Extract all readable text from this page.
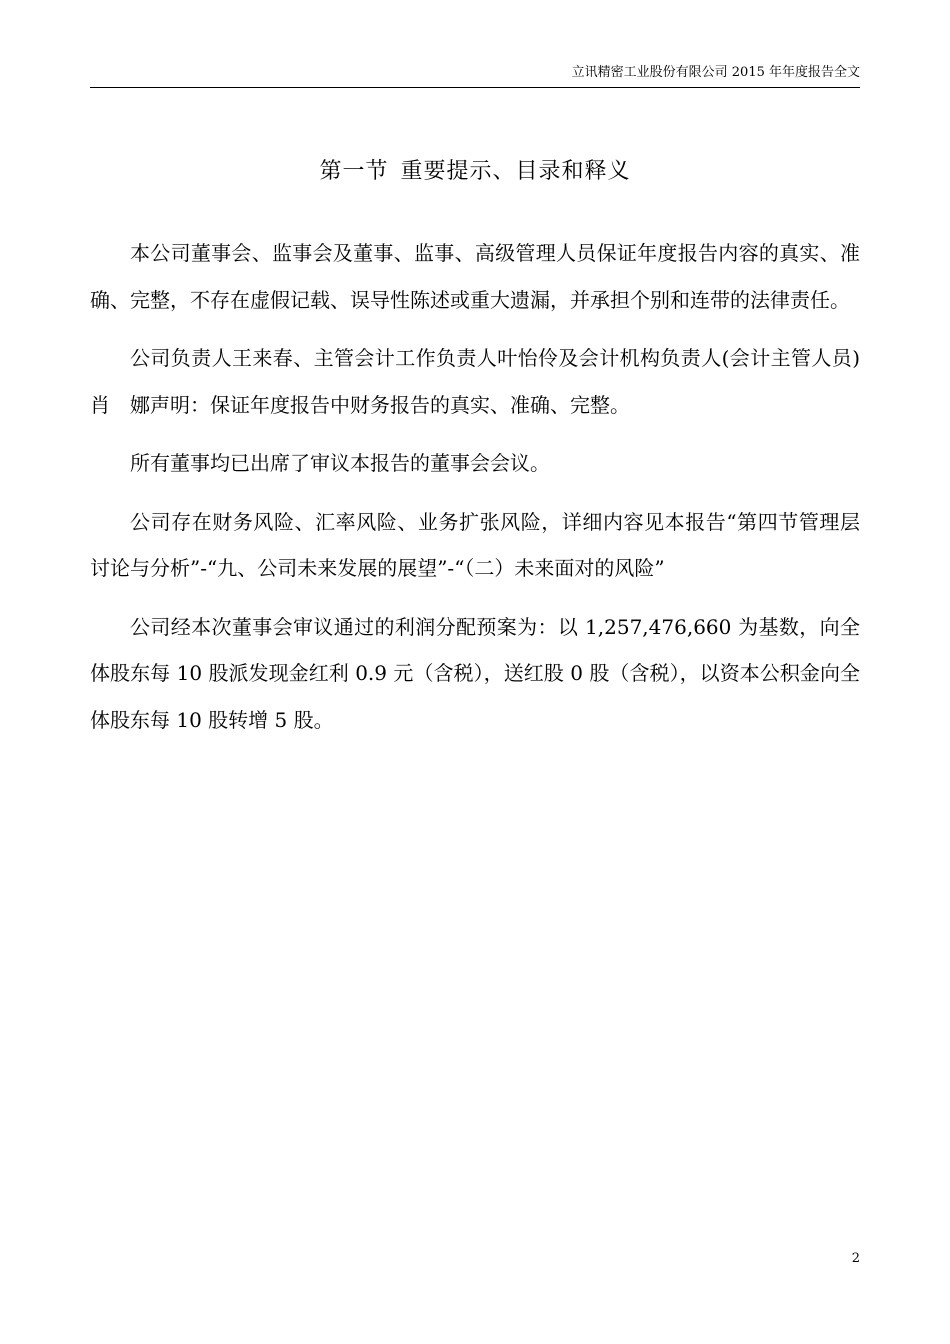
立讯精密工业股份有限公司 2015 年年度报告全文
第一节 重要提示、目录和释义

本公司董事会、监事会及董事、监事、高级管理人员保证年度报告内容的真实、准确、完整，不存在虚假记载、误导性陈述或重大遗漏，并承担个别和连带的法律责任。

公司负责人王来春、主管会计工作负责人叶怡伶及会计机构负责人(会计主管人员)肖　娜声明：保证年度报告中财务报告的真实、准确、完整。

所有董事均已出席了审议本报告的董事会会议。

公司存在财务风险、汇率风险、业务扩张风险，详细内容见本报告“第四节管理层讨论与分析”-“九、公司未来发展的展望”-“（二）未来面对的风险”

公司经本次董事会审议通过的利润分配预案为：以 1,257,476,660 为基数，向全体股东每 10 股派发现金红利 0.9 元（含税），送红股 0 股（含税），以资本公积金向全体股东每 10 股转增 5 股。

2
